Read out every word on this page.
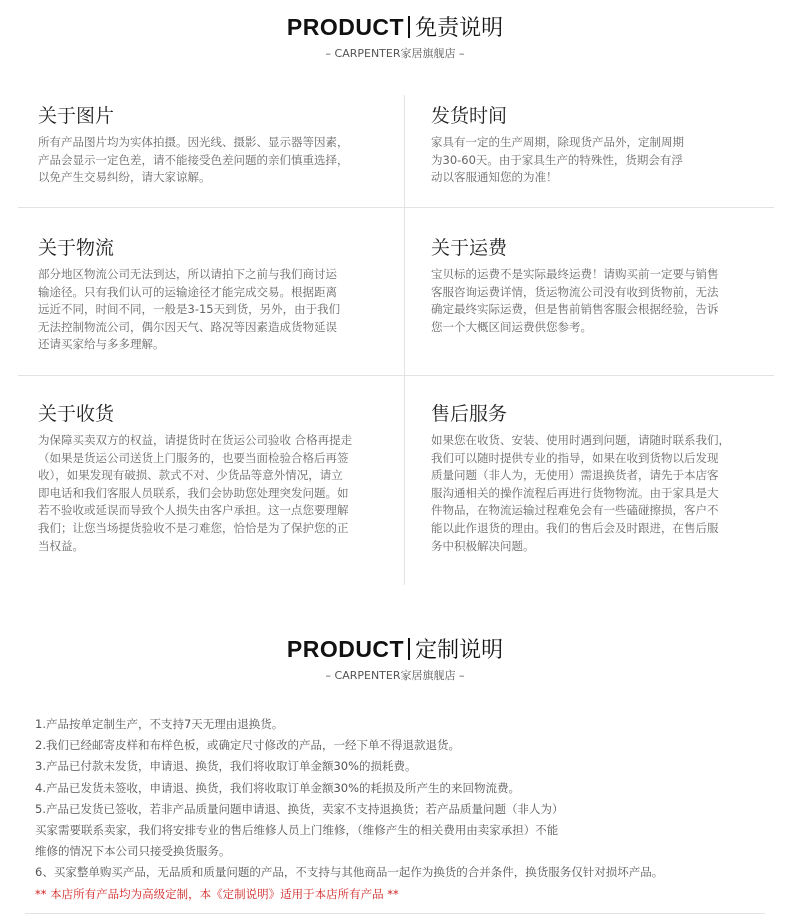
PRODUCT 免责说明
– CARPENTER家居旗舰店 –
关于图片

所有产品图片均为实体拍摄。因光线、摄影、显示器等因素，
产品会显示一定色差，请不能接受色差问题的亲们慎重选择，
以免产生交易纠纷，请大家谅解。

发货时间

家具有一定的生产周期，除现货产品外，定制周期
为30-60天。由于家具生产的特殊性，货期会有浮
动以客服通知您的为准！

关于物流

部分地区物流公司无法到达，所以请拍下之前与我们商讨运
输途径。只有我们认可的运输途径才能完成交易。根据距离
远近不同，时间不同，一般是3-15天到货，另外，由于我们
无法控制物流公司，偶尔因天气、路况等因素造成货物延误
还请买家给与多多理解。

关于运费

宝贝标的运费不是实际最终运费！请购买前一定要与销售
客服咨询运费详情，货运物流公司没有收到货物前，无法
确定最终实际运费，但是售前销售客服会根据经验，告诉
您一个大概区间运费供您参考。

关于收货

为保障买卖双方的权益，请提货时在货运公司验收 合格再提走
（如果是货运公司送货上门服务的，也要当面检验合格后再签
收），如果发现有破损、款式不对、少货品等意外情况，请立
即电话和我们客服人员联系，我们会协助您处理突发问题。如
若不验收或延误而导致个人损失由客户承担。这一点您要理解
我们；让您当场提货验收不是刁难您，恰恰是为了保护您的正
当权益。

售后服务

如果您在收货、安装、使用时遇到问题，请随时联系我们，
我们可以随时提供专业的指导，如果在收到货物以后发现
质量问题（非人为，无使用）需退换货者，请先于本店客
服沟通相关的操作流程后再进行货物物流。由于家具是大
件物品，在物流运输过程难免会有一些磕碰擦损，客户不
能以此作退货的理由。我们的售后会及时跟进，在售后服
务中积极解决问题。

PRODUCT 定制说明
– CARPENTER家居旗舰店 –
1.产品按单定制生产，不支持7天无理由退换货。
2.我们已经邮寄皮样和布样色板，或确定尺寸修改的产品，一经下单不得退款退货。
3.产品已付款未发货，申请退、换货，我们将收取订单金额30%的损耗费。
4.产品已发货未签收，申请退、换货，我们将收取订单金额30%的耗损及所产生的来回物流费。
5.产品已发货已签收，若非产品质量问题申请退、换货，卖家不支持退换货；若产品质量问题（非人为）
买家需要联系卖家，我们将安排专业的售后维修人员上门维修，（维修产生的相关费用由卖家承担）不能
维修的情况下本公司只接受换货服务。
6、买家整单购买产品，无品质和质量问题的产品，不支持与其他商品一起作为换货的合并条件，换货服务仅针对损坏产品。
** 本店所有产品均为高级定制，本《定制说明》适用于本店所有产品 **
